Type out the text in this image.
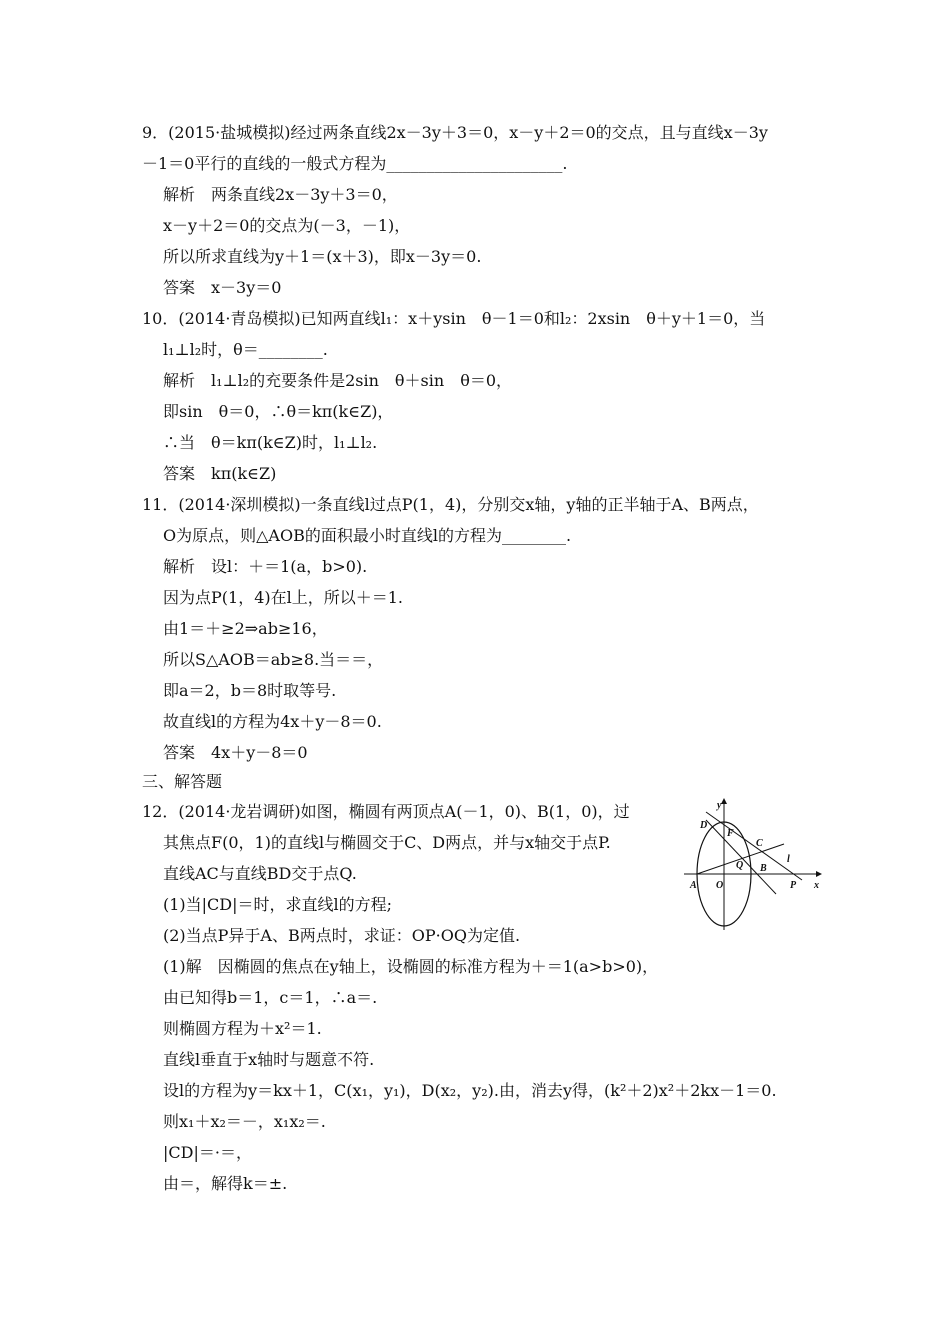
9．(2015·盐城模拟)经过两条直线2x－3y＋3＝0，x－y＋2＝0的交点，且与直线x－3y
－1＝0平行的直线的一般式方程为______________________.
解析　两条直线2x－3y＋3＝0，
x－y＋2＝0的交点为(－3，－1)，
所以所求直线为y＋1＝(x＋3)，即x－3y＝0.
答案　x－3y＝0
10．(2014·青岛模拟)已知两直线l₁：x＋ysin　θ－1＝0和l₂：2xsin　θ＋y＋1＝0，当
l₁⊥l₂时，θ＝________.
解析　l₁⊥l₂的充要条件是2sin　θ＋sin　θ＝0，
即sin　θ＝0，∴θ＝kπ(k∈Z)，
∴当　θ＝kπ(k∈Z)时，l₁⊥l₂.
答案　kπ(k∈Z)
11．(2014·深圳模拟)一条直线l过点P(1，4)，分别交x轴，y轴的正半轴于A、B两点，
O为原点，则△AOB的面积最小时直线l的方程为________.
解析　设l：＋＝1(a，b>0).
因为点P(1，4)在l上，所以＋＝1.
由1＝＋≥2⇒ab≥16，
所以S△AOB＝ab≥8.当＝＝，
即a＝2，b＝8时取等号.
故直线l的方程为4x＋y－8＝0.
答案　4x＋y－8＝0
三、解答题
12．(2014·龙岩调研)如图，椭圆有两顶点A(－1，0)、B(1，0)，过
其焦点F(0，1)的直线l与椭圆交于C、D两点，并与x轴交于点P.
直线AC与直线BD交于点Q.
(1)当|CD|＝时，求直线l的方程;
(2)当点P异于A、B两点时，求证：OP·OQ为定值.
(1)解　因椭圆的焦点在y轴上，设椭圆的标准方程为＋＝1(a>b>0)，
由已知得b＝1，c＝1，∴a＝.
则椭圆方程为＋x²＝1.
直线l垂直于x轴时与题意不符.
设l的方程为y＝kx＋1，C(x₁，y₁)，D(x₂，y₂).由，消去y得，(k²＋2)x²＋2kx－1＝0.
则x₁＋x₂＝－，x₁x₂＝.
|CD|＝·＝，
由＝，解得k＝±.
y
x
D
F
C
Q B
l
A O	P
